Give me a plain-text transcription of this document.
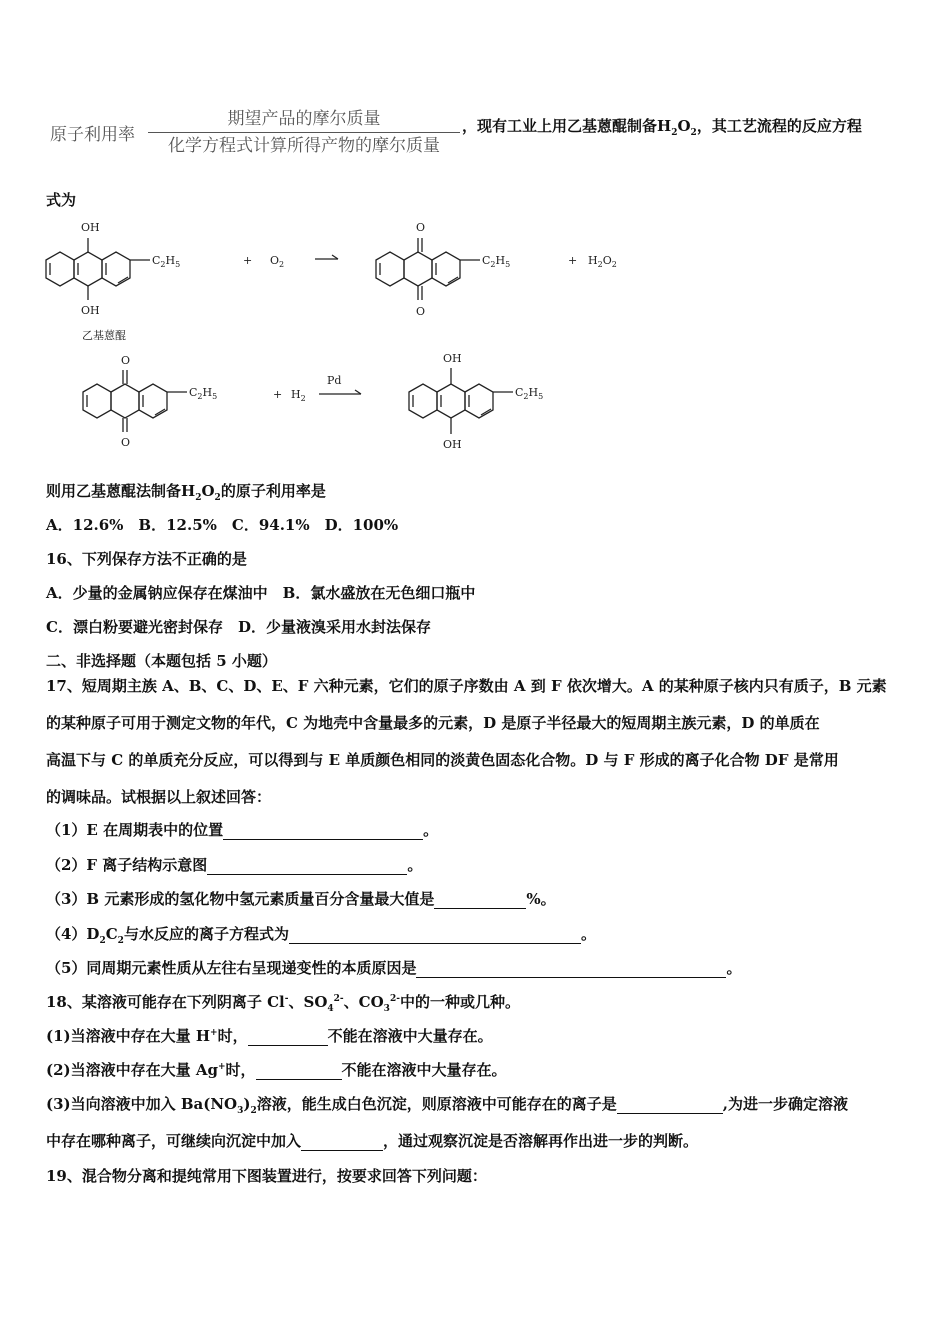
原子利用率
期望产品的摩尔质量
化学方程式计算所得产物的摩尔质量
，现有工业上用乙基蒽醌制备$H_2O_2$，其工艺流程的反应方程
式为
OH
OH
$C_2H_5$
乙基蒽醌
+ $O_2$
O
O
$C_2H_5$	+ $H_2O_2$
O
O
$C_2H_5$	+ $H_2$
Pd
OH
OH
$C_2H_5$
则用乙基蒽醌法制备$H_2O_2$的原子利用率是
A．12.6%　B．12.5%　C．94.1%　D．100%
16、下列保存方法不正确的是
A．少量的金属钠应保存在煤油中　B．氯水盛放在无色细口瓶中
C．漂白粉要避光密封保存　D．少量液溴采用水封法保存
二、非选择题（本题包括 5 小题）
17、短周期主族 A、B、C、D、E、F 六种元素，它们的原子序数由 A 到 F 依次增大。A 的某种原子核内只有质子，B 元素
的某种原子可用于测定文物的年代，C 为地壳中含量最多的元素，D 是原子半径最大的短周期主族元素，D 的单质在
高温下与 C 的单质充分反应，可以得到与 E 单质颜色相同的淡黄色固态化合物。D 与 F 形成的离子化合物 DF 是常用
的调味品。试根据以上叙述回答：
（1）E 在周期表中的位置	。
（2）F 离子结构示意图	。
（3）B 元素形成的氢化物中氢元素质量百分含量最大值是	%。
$(4)D_2C_2$与水反应的离子方程式为	。
（5）同周期元素性质从左往右呈现递变性的本质原因是	。
18、某溶液可能存在下列阴离子 Cl-、$SO_4^{2-}$、$CO_3^{2-}$中的一种或几种。
(1)当溶液中存在大量 H+时，	不能在溶液中大量存在。
(2)当溶液中存在大量 Ag+时，	不能在溶液中大量存在。
(3)当向溶液中加入 $Ba(NO_3)_2$溶液，能生成白色沉淀，则原溶液中可能存在的离子是	,为进一步确定溶液
中存在哪种离子，可继续向沉淀中加入	，通过观察沉淀是否溶解再作出进一步的判断。
19、混合物分离和提纯常用下图装置进行，按要求回答下列问题：
